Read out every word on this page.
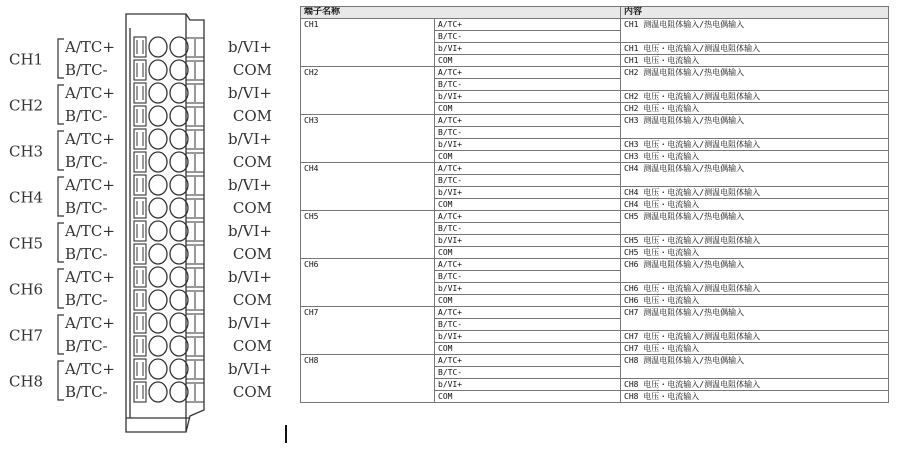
CH1
A/TC+
B/TC-
b/VI+
COM
CH2
A/TC+
B/TC-
b/VI+
COM
CH3
A/TC+
B/TC-
b/VI+
COM
CH4
A/TC+
B/TC-
b/VI+
COM
CH5
A/TC+
B/TC-
b/VI+
COM
CH6
A/TC+
B/TC-
b/VI+
COM
CH7
A/TC+
B/TC-
b/VI+
COM
CH8
A/TC+
B/TC-
b/VI+
COM
端子名称		内容
CH1	A/TC+	CH1 测温电阻体输入/热电偶输入
	B/TC-	
	b/VI+	CH1 电压・电流输入/测温电阻体输入
	COM	CH1 电压・电流输入
CH2	A/TC+	CH2 测温电阻体输入/热电偶输入
	B/TC-	
	b/VI+	CH2 电压・电流输入/测温电阻体输入
	COM	CH2 电压・电流输入
CH3	A/TC+	CH3 测温电阻体输入/热电偶输入
	B/TC-	
	b/VI+	CH3 电压・电流输入/测温电阻体输入
	COM	CH3 电压・电流输入
CH4	A/TC+	CH4 测温电阻体输入/热电偶输入
	B/TC-	
	b/VI+	CH4 电压・电流输入/测温电阻体输入
	COM	CH4 电压・电流输入
CH5	A/TC+	CH5 测温电阻体输入/热电偶输入
	B/TC-	
	b/VI+	CH5 电压・电流输入/测温电阻体输入
	COM	CH5 电压・电流输入
CH6	A/TC+	CH6 测温电阻体输入/热电偶输入
	B/TC-	
	b/VI+	CH6 电压・电流输入/测温电阻体输入
	COM	CH6 电压・电流输入
CH7	A/TC+	CH7 测温电阻体输入/热电偶输入
	B/TC-	
	b/VI+	CH7 电压・电流输入/测温电阻体输入
	COM	CH7 电压・电流输入
CH8	A/TC+	CH8 测温电阻体输入/热电偶输入
	B/TC-	
	b/VI+	CH8 电压・电流输入/测温电阻体输入
	COM	CH8 电压・电流输入
